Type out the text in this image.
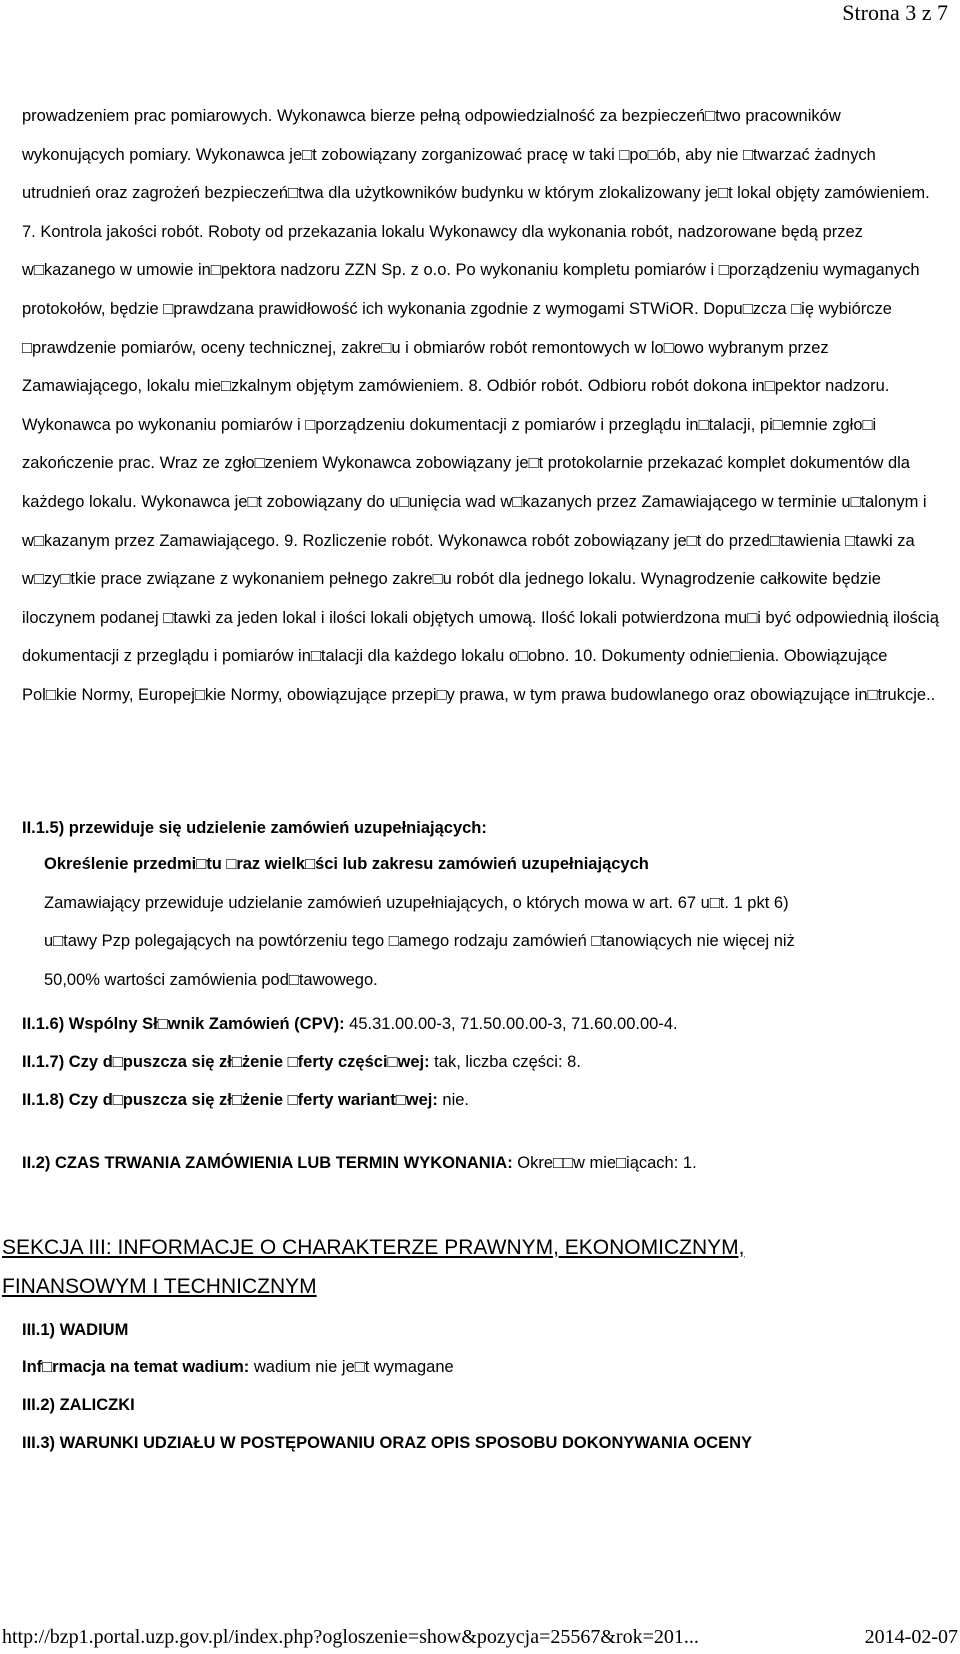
Strona 3 z 7

prowadzeniem prac pomiarowych. Wykonawca bierze pełną odpowiedzialność za bezpieczeń□two pracowników wykonujących pomiary. Wykonawca je□t zobowiązany zorganizować pracę w taki □po□ób, aby nie □twarzać żadnych utrudnień oraz zagrożeń bezpieczeń□twa dla użytkowników budynku w którym zlokalizowany je□t lokal objęty zamówieniem. 7. Kontrola jakości robót. Roboty od przekazania lokalu Wykonawcy dla wykonania robót, nadzorowane będą przez w□kazanego w umowie in□pektora nadzoru ZZN Sp. z o.o. Po wykonaniu kompletu pomiarów i □porządzeniu wymaganych protokołów, będzie □prawdzana prawidłowość ich wykonania zgodnie z wymogami STWiOR. Dopu□zcza □ię wybiórcze □prawdzenie pomiarów, oceny technicznej, zakre□u i obmiarów robót remontowych w lo□owo wybranym przez Zamawiającego, lokalu mie□zkalnym objętym zamówieniem. 8. Odbiór robót. Odbioru robót dokona in□pektor nadzoru. Wykonawca po wykonaniu pomiarów i □porządzeniu dokumentacji z pomiarów i przeglądu in□talacji, pi□emnie zgło□i zakończenie prac. Wraz ze zgło□zeniem Wykonawca zobowiązany je□t protokolarnie przekazać komplet dokumentów dla każdego lokalu. Wykonawca je□t zobowiązany do u□unięcia wad w□kazanych przez Zamawiającego w terminie u□talonym i w□kazanym przez Zamawiającego. 9. Rozliczenie robót. Wykonawca robót zobowiązany je□t do przed□tawienia □tawki za w□zy□tkie prace związane z wykonaniem pełnego zakre□u robót dla jednego lokalu. Wynagrodzenie całkowite będzie iloczynem podanej □tawki za jeden lokal i ilości lokali objętych umową. Ilość lokali potwierdzona mu□i być odpowiednią ilością dokumentacji z przeglądu i pomiarów in□talacji dla każdego lokalu o□obno. 10. Dokumenty odnie□ienia. Obowiązujące Pol□kie Normy, Europej□kie Normy, obowiązujące przepi□y prawa, w tym prawa budowlanego oraz obowiązujące in□trukcje..

II.1.5) przewiduje się udzielenie zamówień uzupełniających:

Określenie przedmi□tu □raz wielk□ści lub zakresu zamówień uzupełniających

Zamawiający przewiduje udzielanie zamówień uzupełniających, o których mowa w art. 67 u□t. 1 pkt 6)

u□tawy Pzp polegających na powtórzeniu tego □amego rodzaju zamówień □tanowiących nie więcej niż

50,00% wartości zamówienia pod□tawowego.

II.1.6) Wspólny Sł□wnik Zamówień (CPV): 45.31.00.00-3, 71.50.00.00-3, 71.60.00.00-4.

II.1.7) Czy d□puszcza się zł□żenie □ferty części□wej: tak, liczba części: 8.

II.1.8) Czy d□puszcza się zł□żenie □ferty wariant□wej: nie.

II.2) CZAS TRWANIA ZAMÓWIENIA LUB TERMIN WYKONANIA: Okre□□w mie□iącach: 1.

SEKCJA III: INFORMACJE O CHARAKTERZE PRAWNYM, EKONOMICZNYM,
FINANSOWYM I TECHNICZNYM

III.1) WADIUM

Inf□rmacja na temat wadium: wadium nie je□t wymagane

III.2) ZALICZKI

III.3) WARUNKI UDZIAŁU W POSTĘPOWANIU ORAZ OPIS SPOSOBU DOKONYWANIA OCENY

http://bzp1.portal.uzp.gov.pl/index.php?ogloszenie=show&pozycja=25567&rok=201...	2014-02-07
